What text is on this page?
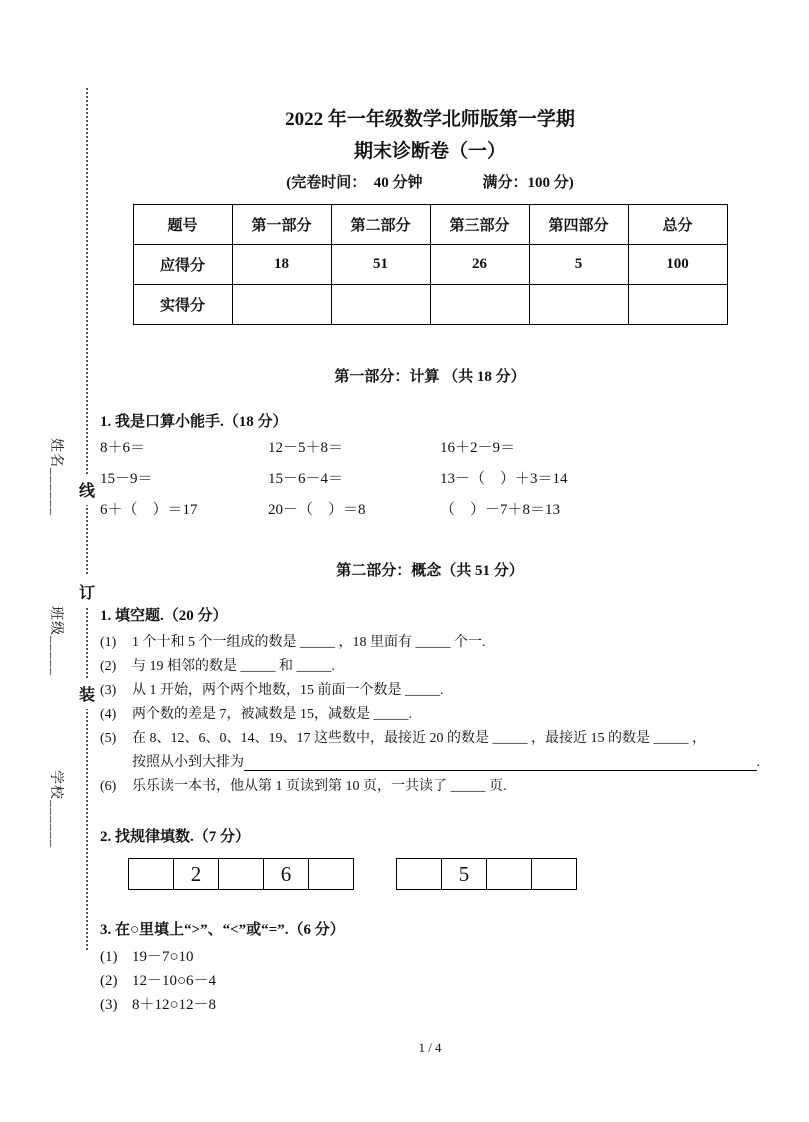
线
订
装
姓名______
班级_____
学校______
2022 年一年级数学北师版第一学期
期末诊断卷（一）
(完卷时间：　40 分钟　　　　满分：100 分)
题号	第一部分	第二部分	第三部分	第四部分	总分
应得分	18	51	26	5	100
实得分					
第一部分：计算 （共 18 分）
1. 我是口算小能手.（18 分）
8＋6＝	12－5＋8＝	16＋2－9＝
15－9＝	15－6－4＝	13－（　）＋3＝14
6＋（　）＝17	20－（　）＝8	（　）－7＋8＝13
第二部分：概念（共 51 分）
1. 填空题.（20 分）
(1)	1 个十和 5 个一组成的数是 _____ ，18 里面有 _____ 个一.
(2)	与 19 相邻的数是 _____ 和 _____.
(3)	从 1 开始，两个两个地数，15 前面一个数是 _____.
(4)	两个数的差是 7，被减数是 15，减数是 _____.
(5)	在 8、12、6、0、14、19、17 这些数中，最接近 20 的数是 _____ ，最接近 15 的数是 _____ ，
按照从小到大排为	.
(6)	乐乐读一本书，他从第 1 页读到第 10 页，一共读了 _____ 页.
2. 找规律填数.（7 分）
	2		6	
		5		
3. 在○里填上“>”、“<”或“=”.（6 分）
(1) 19－7○10
(2) 12－10○6－4
(3) 8＋12○12－8
1 / 4
